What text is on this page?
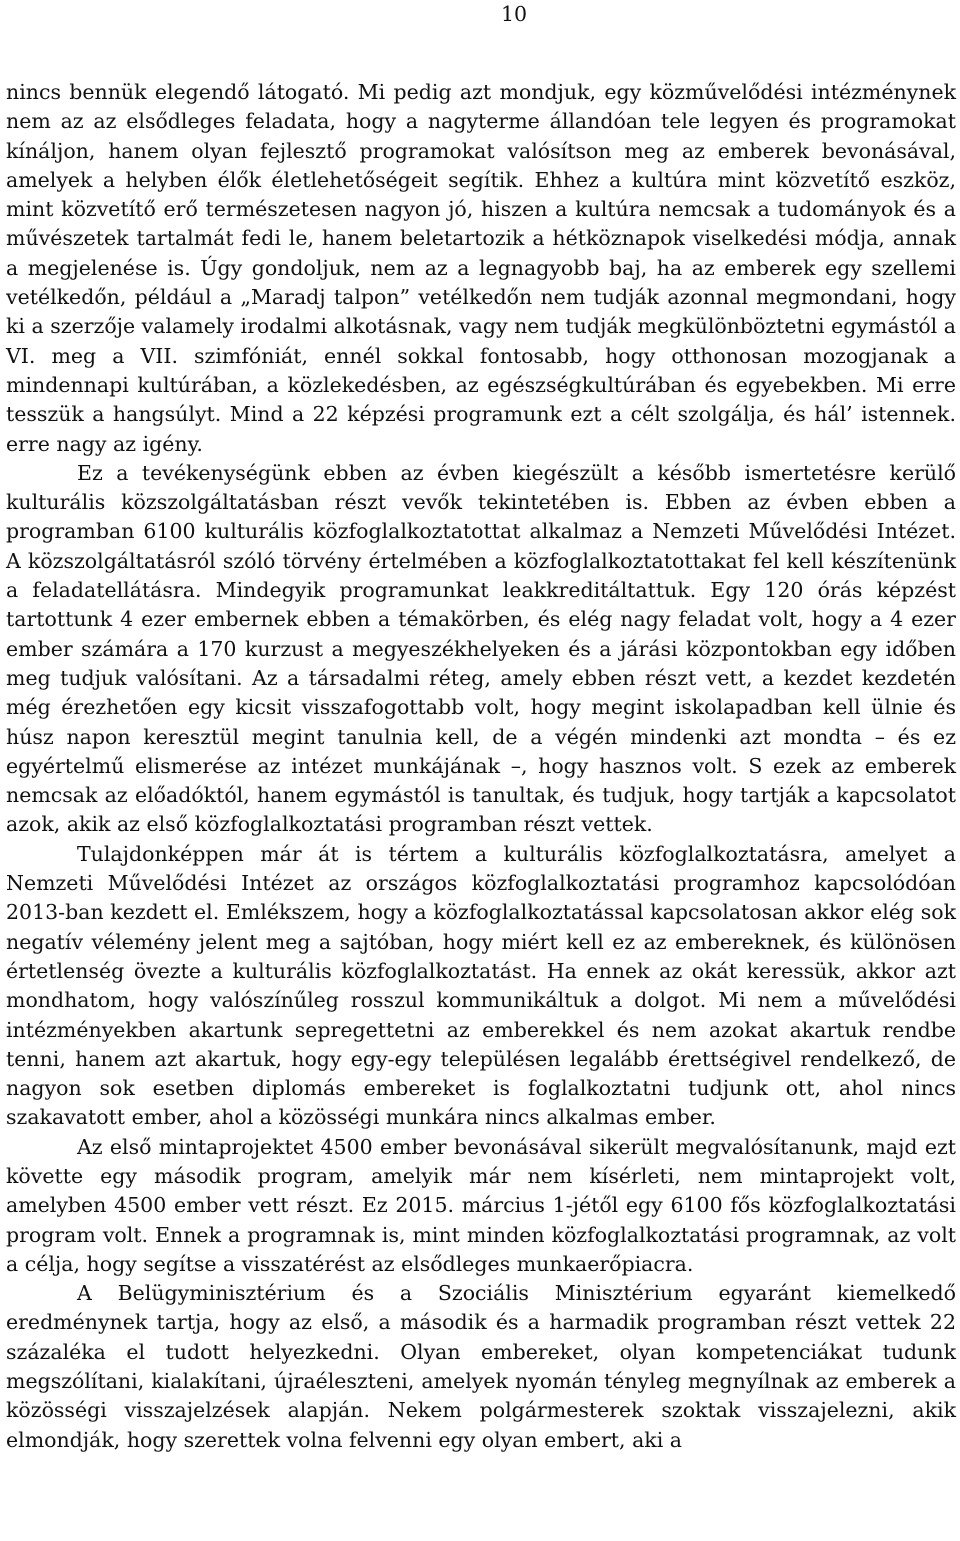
10

nincs bennük elegendő látogató. Mi pedig azt mondjuk, egy közművelődési intézménynek nem az az elsődleges feladata, hogy a nagyterme állandóan tele legyen és programokat kínáljon, hanem olyan fejlesztő programokat valósítson meg az emberek bevonásával, amelyek a helyben élők életlehetőségeit segítik. Ehhez a kultúra mint közvetítő eszköz, mint közvetítő erő természetesen nagyon jó, hiszen a kultúra nemcsak a tudományok és a művészetek tartalmát fedi le, hanem beletartozik a hétköznapok viselkedési módja, annak a megjelenése is. Úgy gondoljuk, nem az a legnagyobb baj, ha az emberek egy szellemi vetélkedőn, például a „Maradj talpon” vetélkedőn nem tudják azonnal megmondani, hogy ki a szerzője valamely irodalmi alkotásnak, vagy nem tudják megkülönböztetni egymástól a VI. meg a VII. szimfóniát, ennél sokkal fontosabb, hogy otthonosan mozogjanak a mindennapi kultúrában, a közlekedésben, az egészségkultúrában és egyebekben. Mi erre tesszük a hangsúlyt. Mind a 22 képzési programunk ezt a célt szolgálja, és hál’ istennek. erre nagy az igény.

Ez a tevékenységünk ebben az évben kiegészült a később ismertetésre kerülő kulturális közszolgáltatásban részt vevők tekintetében is. Ebben az évben ebben a programban 6100 kulturális közfoglalkoztatottat alkalmaz a Nemzeti Művelődési Intézet. A közszolgáltatásról szóló törvény értelmében a közfoglalkoztatottakat fel kell készítenünk a feladatellátásra. Mindegyik programunkat leakkreditáltattuk. Egy 120 órás képzést tartottunk 4 ezer embernek ebben a témakörben, és elég nagy feladat volt, hogy a 4 ezer ember számára a 170 kurzust a megyeszékhelyeken és a járási központokban egy időben meg tudjuk valósítani. Az a társadalmi réteg, amely ebben részt vett, a kezdet kezdetén még érezhetően egy kicsit visszafogottabb volt, hogy megint iskolapadban kell ülnie és húsz napon keresztül megint tanulnia kell, de a végén mindenki azt mondta – és ez egyértelmű elismerése az intézet munkájának –, hogy hasznos volt. S ezek az emberek nemcsak az előadóktól, hanem egymástól is tanultak, és tudjuk, hogy tartják a kapcsolatot azok, akik az első közfoglalkoztatási programban részt vettek.

Tulajdonképpen már át is tértem a kulturális közfoglalkoztatásra, amelyet a Nemzeti Művelődési Intézet az országos közfoglalkoztatási programhoz kapcsolódóan 2013-ban kezdett el. Emlékszem, hogy a közfoglalkoztatással kapcsolatosan akkor elég sok negatív vélemény jelent meg a sajtóban, hogy miért kell ez az embereknek, és különösen értetlenség övezte a kulturális közfoglalkoztatást. Ha ennek az okát keressük, akkor azt mondhatom, hogy valószínűleg rosszul kommunikáltuk a dolgot. Mi nem a művelődési intézményekben akartunk sepregettetni az emberekkel és nem azokat akartuk rendbe tenni, hanem azt akartuk, hogy egy-egy településen legalább érettségivel rendelkező, de nagyon sok esetben diplomás embereket is foglalkoztatni tudjunk ott, ahol nincs szakavatott ember, ahol a közösségi munkára nincs alkalmas ember.

Az első mintaprojektet 4500 ember bevonásával sikerült megvalósítanunk, majd ezt követte egy második program, amelyik már nem kísérleti, nem mintaprojekt volt, amelyben 4500 ember vett részt. Ez 2015. március 1-jétől egy 6100 fős közfoglalkoztatási program volt. Ennek a programnak is, mint minden közfoglalkoztatási programnak, az volt a célja, hogy segítse a visszatérést az elsődleges munkaerőpiacra.

A Belügyminisztérium és a Szociális Minisztérium egyaránt kiemelkedő eredménynek tartja, hogy az első, a második és a harmadik programban részt vettek 22 százaléka el tudott helyezkedni. Olyan embereket, olyan kompetenciákat tudunk megszólítani, kialakítani, újraéleszteni, amelyek nyomán tényleg megnyílnak az emberek a közösségi visszajelzések alapján. Nekem polgármesterek szoktak visszajelezni, akik elmondják, hogy szerettek volna felvenni egy olyan embert, aki a
